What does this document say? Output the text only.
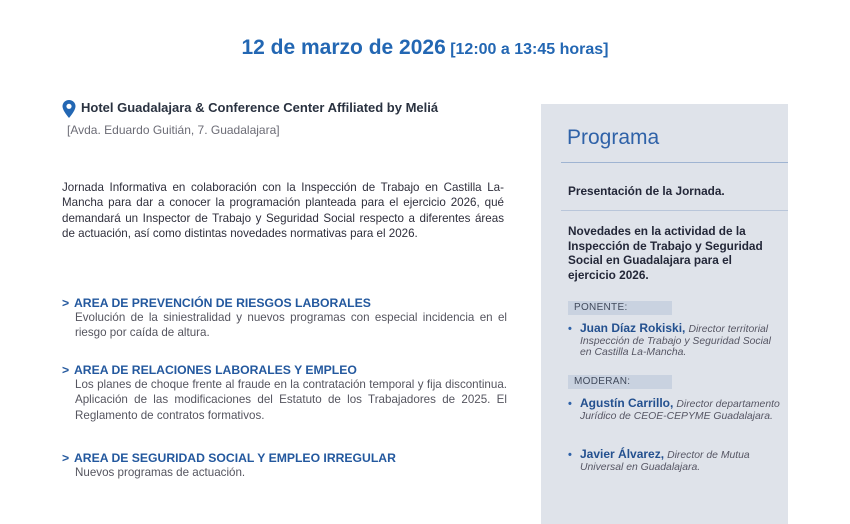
12 de marzo de 2026 [12:00 a 13:45 horas]
Hotel Guadalajara & Conference Center Affiliated by Meliá
[Avda. Eduardo Guitián, 7. Guadalajara]
Jornada Informativa en colaboración con la Inspección de Trabajo en Castilla La-Mancha para dar a conocer la programación planteada para el ejercicio 2026, qué demandará un Inspector de Trabajo y Seguridad Social respecto a diferentes áreas de actuación, así como distintas novedades normativas para el 2026.
> AREA DE PREVENCIÓN DE RIESGOS LABORALES
Evolución de la siniestralidad y nuevos programas con especial incidencia en el riesgo por caída de altura.
> AREA DE RELACIONES LABORALES Y EMPLEO
Los planes de choque frente al fraude en la contratación temporal y fija discontinua. Aplicación de las modificaciones del Estatuto de los Trabajadores de 2025. El Reglamento de contratos formativos.
> AREA DE SEGURIDAD SOCIAL Y EMPLEO IRREGULAR
Nuevos programas de actuación.
Programa
Presentación de la Jornada.
Novedades en la actividad de la Inspección de Trabajo y Seguridad Social en Guadalajara para el ejercicio 2026.
PONENTE:
• Juan Díaz Rokiski, Director territorial Inspección de Trabajo y Seguridad Social en Castilla La-Mancha.
MODERAN:
• Agustín Carrillo, Director departamento Jurídico de CEOE-CEPYME Guadalajara.
• Javier Álvarez, Director de Mutua Universal en Guadalajara.
